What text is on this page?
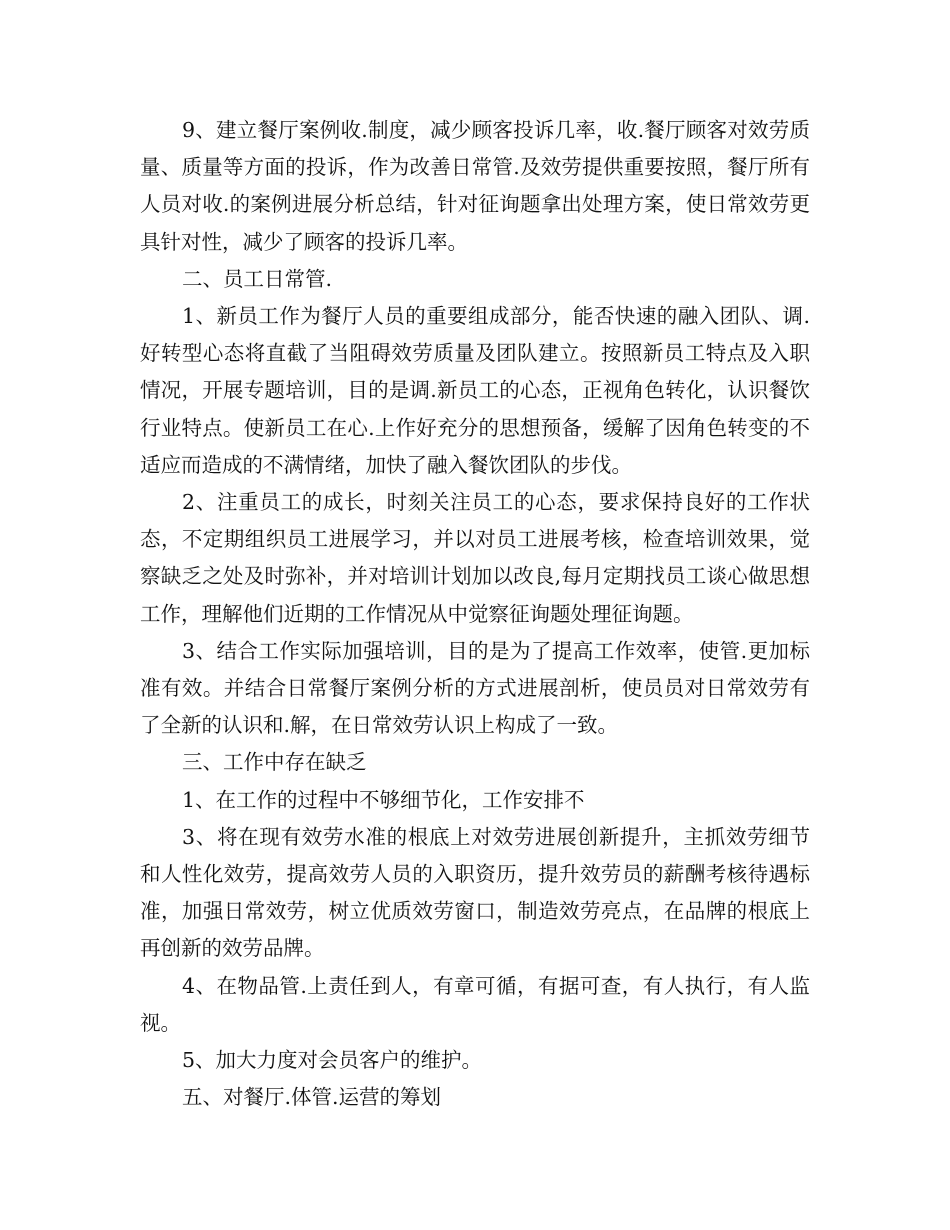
9、建立餐厅案例收.制度，减少顾客投诉几率，收.餐厅顾客对效劳质量、质量等方面的投诉，作为改善日常管.及效劳提供重要按照，餐厅所有人员对收.的案例进展分析总结，针对征询题拿出处理方案，使日常效劳更具针对性，减少了顾客的投诉几率。

二、员工日常管.

1、新员工作为餐厅人员的重要组成部分，能否快速的融入团队、调.好转型心态将直截了当阻碍效劳质量及团队建立。按照新员工特点及入职情况，开展专题培训，目的是调.新员工的心态，正视角色转化，认识餐饮行业特点。使新员工在心.上作好充分的思想预备，缓解了因角色转变的不适应而造成的不满情绪，加快了融入餐饮团队的步伐。

2、注重员工的成长，时刻关注员工的心态，要求保持良好的工作状态，不定期组织员工进展学习，并以对员工进展考核，检查培训效果，觉察缺乏之处及时弥补，并对培训计划加以改良,每月定期找员工谈心做思想工作，理解他们近期的工作情况从中觉察征询题处理征询题。

3、结合工作实际加强培训，目的是为了提高工作效率，使管.更加标准有效。并结合日常餐厅案例分析的方式进展剖析，使员员对日常效劳有了全新的认识和.解，在日常效劳认识上构成了一致。

三、工作中存在缺乏

1、在工作的过程中不够细节化，工作安排不

3、将在现有效劳水准的根底上对效劳进展创新提升，主抓效劳细节和人性化效劳，提高效劳人员的入职资历，提升效劳员的薪酬考核待遇标准，加强日常效劳，树立优质效劳窗口，制造效劳亮点，在品牌的根底上再创新的效劳品牌。

4、在物品管.上责任到人，有章可循，有据可查，有人执行，有人监视。

5、加大力度对会员客户的维护。

五、对餐厅.体管.运营的筹划
